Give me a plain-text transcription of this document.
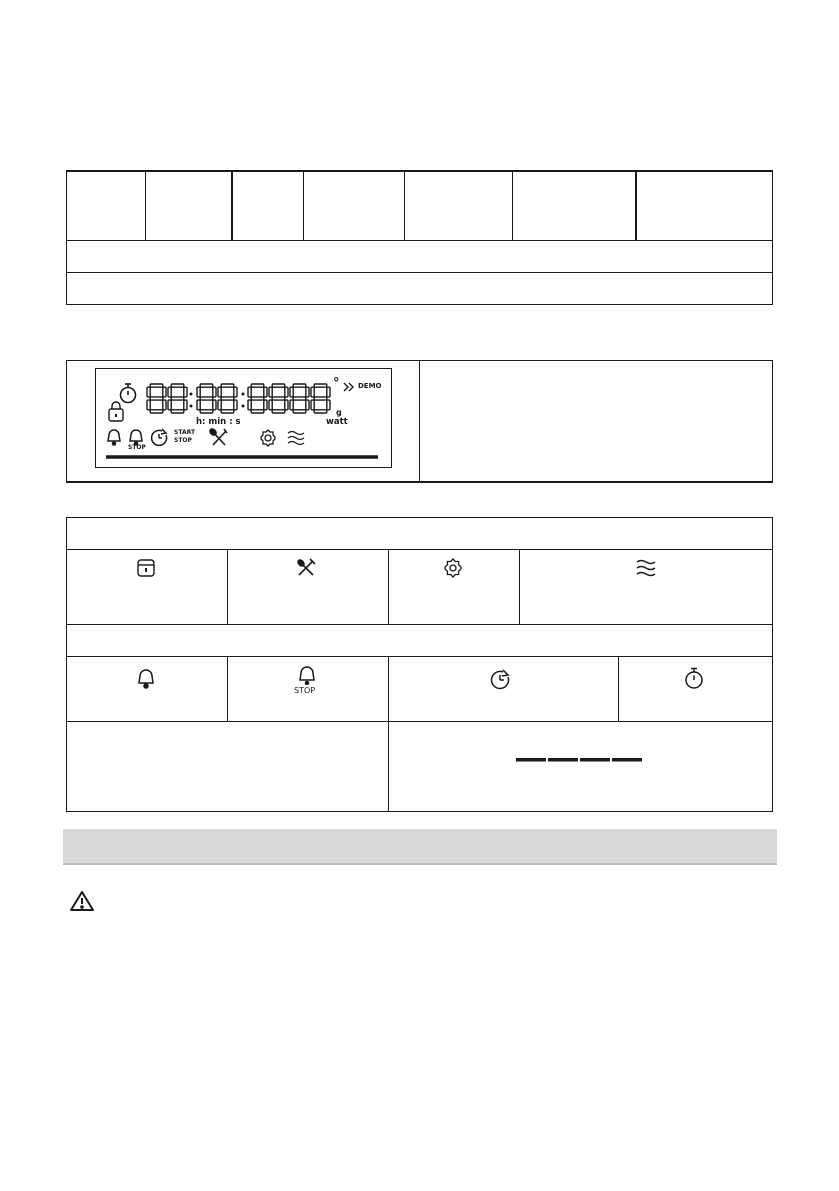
°	DEMO
g
h: min : s	watt
STOP
START
STOP
STOP
